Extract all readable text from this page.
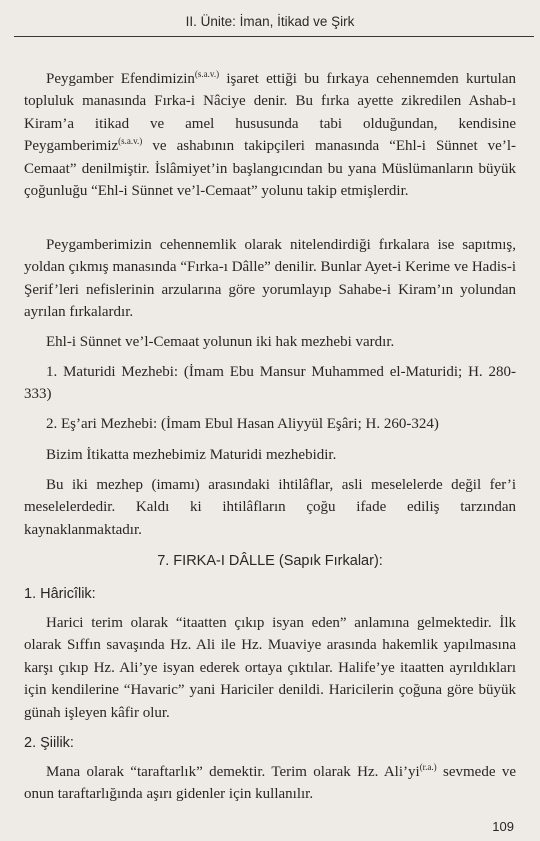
II. Ünite: İman, İtikad ve Şirk

Peygamber Efendimizin$^{(s.a.v.)}$ işaret ettiği bu fırkaya cehennemden kurtulan topluluk manasında Fırka-i Nâciye denir. Bu fırka ayette zikredilen Ashab-ı Kiram’a itikad ve amel hususunda tabi olduğundan, kendisine Peygamberimiz$^{(s.a.v.)}$ ve ashabının takipçileri manasında “Ehl-i Sünnet ve’l-Cemaat” denilmiştir. İslâmiyet’in başlangıcından bu yana Müslümanların büyük çoğunluğu “Ehl-i Sünnet ve’l-Cemaat” yolunu takip etmişlerdir.

Peygamberimizin cehennemlik olarak nitelendirdiği fırkalara ise sapıtmış, yoldan çıkmış manasında “Fırka-ı Dâlle” denilir. Bunlar Ayet-i Kerime ve Hadis-i Şerif’leri nefislerinin arzularına göre yorumlayıp Sahabe-i Kiram’ın yolundan ayrılan fırkalardır.

Ehl-i Sünnet ve’l-Cemaat yolunun iki hak mezhebi vardır.

1. Maturidi Mezhebi: (İmam Ebu Mansur Muhammed el-Maturidi; H. 280-333)

2. Eş’ari Mezhebi: (İmam Ebul Hasan Aliyyül Eşâri; H. 260-324)

Bizim İtikatta mezhebimiz Maturidi mezhebidir.

Bu iki mezhep (imamı) arasındaki ihtilâflar, asli meselelerde değil fer’i meselelerdedir. Kaldı ki ihtilâfların çoğu ifade ediliş tarzından kaynaklanmaktadır.

7. FIRKA-I DÂLLE (Sapık Fırkalar):
1. Hâricîlik:

Harici terim olarak “itaatten çıkıp isyan eden” anlamına gelmektedir. İlk olarak Sıffın savaşında Hz. Ali ile Hz. Muaviye arasında hakemlik yapılmasına karşı çıkıp Hz. Ali’ye isyan ederek ortaya çıktılar. Halife’ye itaatten ayrıldıkları için kendilerine “Havaric” yani Hariciler denildi. Haricilerin çoğuna göre büyük günah işleyen kâfir olur.

2. Şiilik:

Mana olarak “taraftarlık” demektir. Terim olarak Hz. $Ali’yi^{(r.a.)}$ sevmede ve onun taraftarlığında aşırı gidenler için kullanılır.

109
